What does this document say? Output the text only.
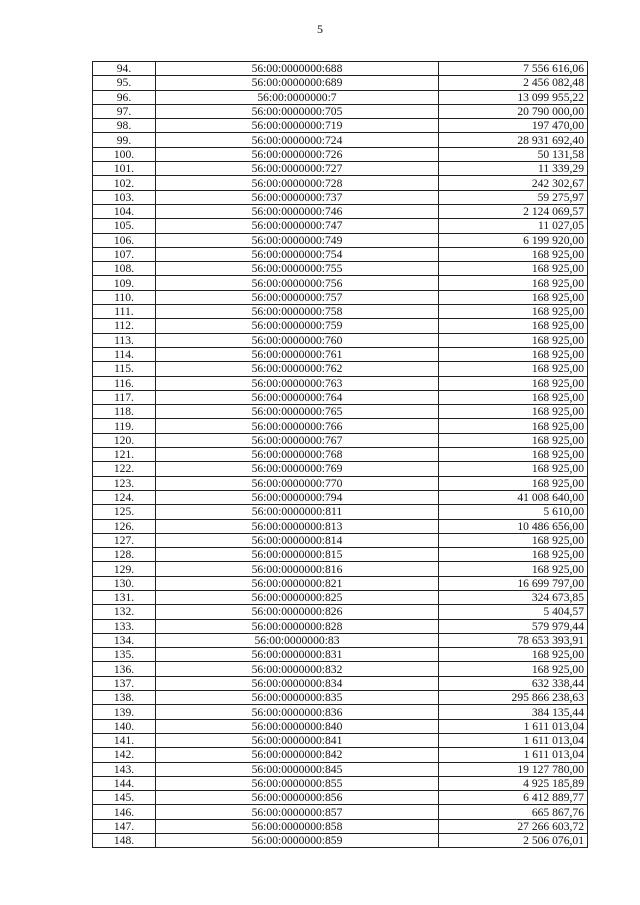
5
94.	56:00:0000000:688	7 556 616,06
95.	56:00:0000000:689	2 456 082,48
96.	56:00:0000000:7	13 099 955,22
97.	56:00:0000000:705	20 790 000,00
98.	56:00:0000000:719	197 470,00
99.	56:00:0000000:724	28 931 692,40
100.	56:00:0000000:726	50 131,58
101.	56:00:0000000:727	11 339,29
102.	56:00:0000000:728	242 302,67
103.	56:00:0000000:737	59 275,97
104.	56:00:0000000:746	2 124 069,57
105.	56:00:0000000:747	11 027,05
106.	56:00:0000000:749	6 199 920,00
107.	56:00:0000000:754	168 925,00
108.	56:00:0000000:755	168 925,00
109.	56:00:0000000:756	168 925,00
110.	56:00:0000000:757	168 925,00
111.	56:00:0000000:758	168 925,00
112.	56:00:0000000:759	168 925,00
113.	56:00:0000000:760	168 925,00
114.	56:00:0000000:761	168 925,00
115.	56:00:0000000:762	168 925,00
116.	56:00:0000000:763	168 925,00
117.	56:00:0000000:764	168 925,00
118.	56:00:0000000:765	168 925,00
119.	56:00:0000000:766	168 925,00
120.	56:00:0000000:767	168 925,00
121.	56:00:0000000:768	168 925,00
122.	56:00:0000000:769	168 925,00
123.	56:00:0000000:770	168 925,00
124.	56:00:0000000:794	41 008 640,00
125.	56:00:0000000:811	5 610,00
126.	56:00:0000000:813	10 486 656,00
127.	56:00:0000000:814	168 925,00
128.	56:00:0000000:815	168 925,00
129.	56:00:0000000:816	168 925,00
130.	56:00:0000000:821	16 699 797,00
131.	56:00:0000000:825	324 673,85
132.	56:00:0000000:826	5 404,57
133.	56:00:0000000:828	579 979,44
134.	56:00:0000000:83	78 653 393,91
135.	56:00:0000000:831	168 925,00
136.	56:00:0000000:832	168 925,00
137.	56:00:0000000:834	632 338,44
138.	56:00:0000000:835	295 866 238,63
139.	56:00:0000000:836	384 135,44
140.	56:00:0000000:840	1 611 013,04
141.	56:00:0000000:841	1 611 013,04
142.	56:00:0000000:842	1 611 013,04
143.	56:00:0000000:845	19 127 780,00
144.	56:00:0000000:855	4 925 185,89
145.	56:00:0000000:856	6 412 889,77
146.	56:00:0000000:857	665 867,76
147.	56:00:0000000:858	27 266 603,72
148.	56:00:0000000:859	2 506 076,01
